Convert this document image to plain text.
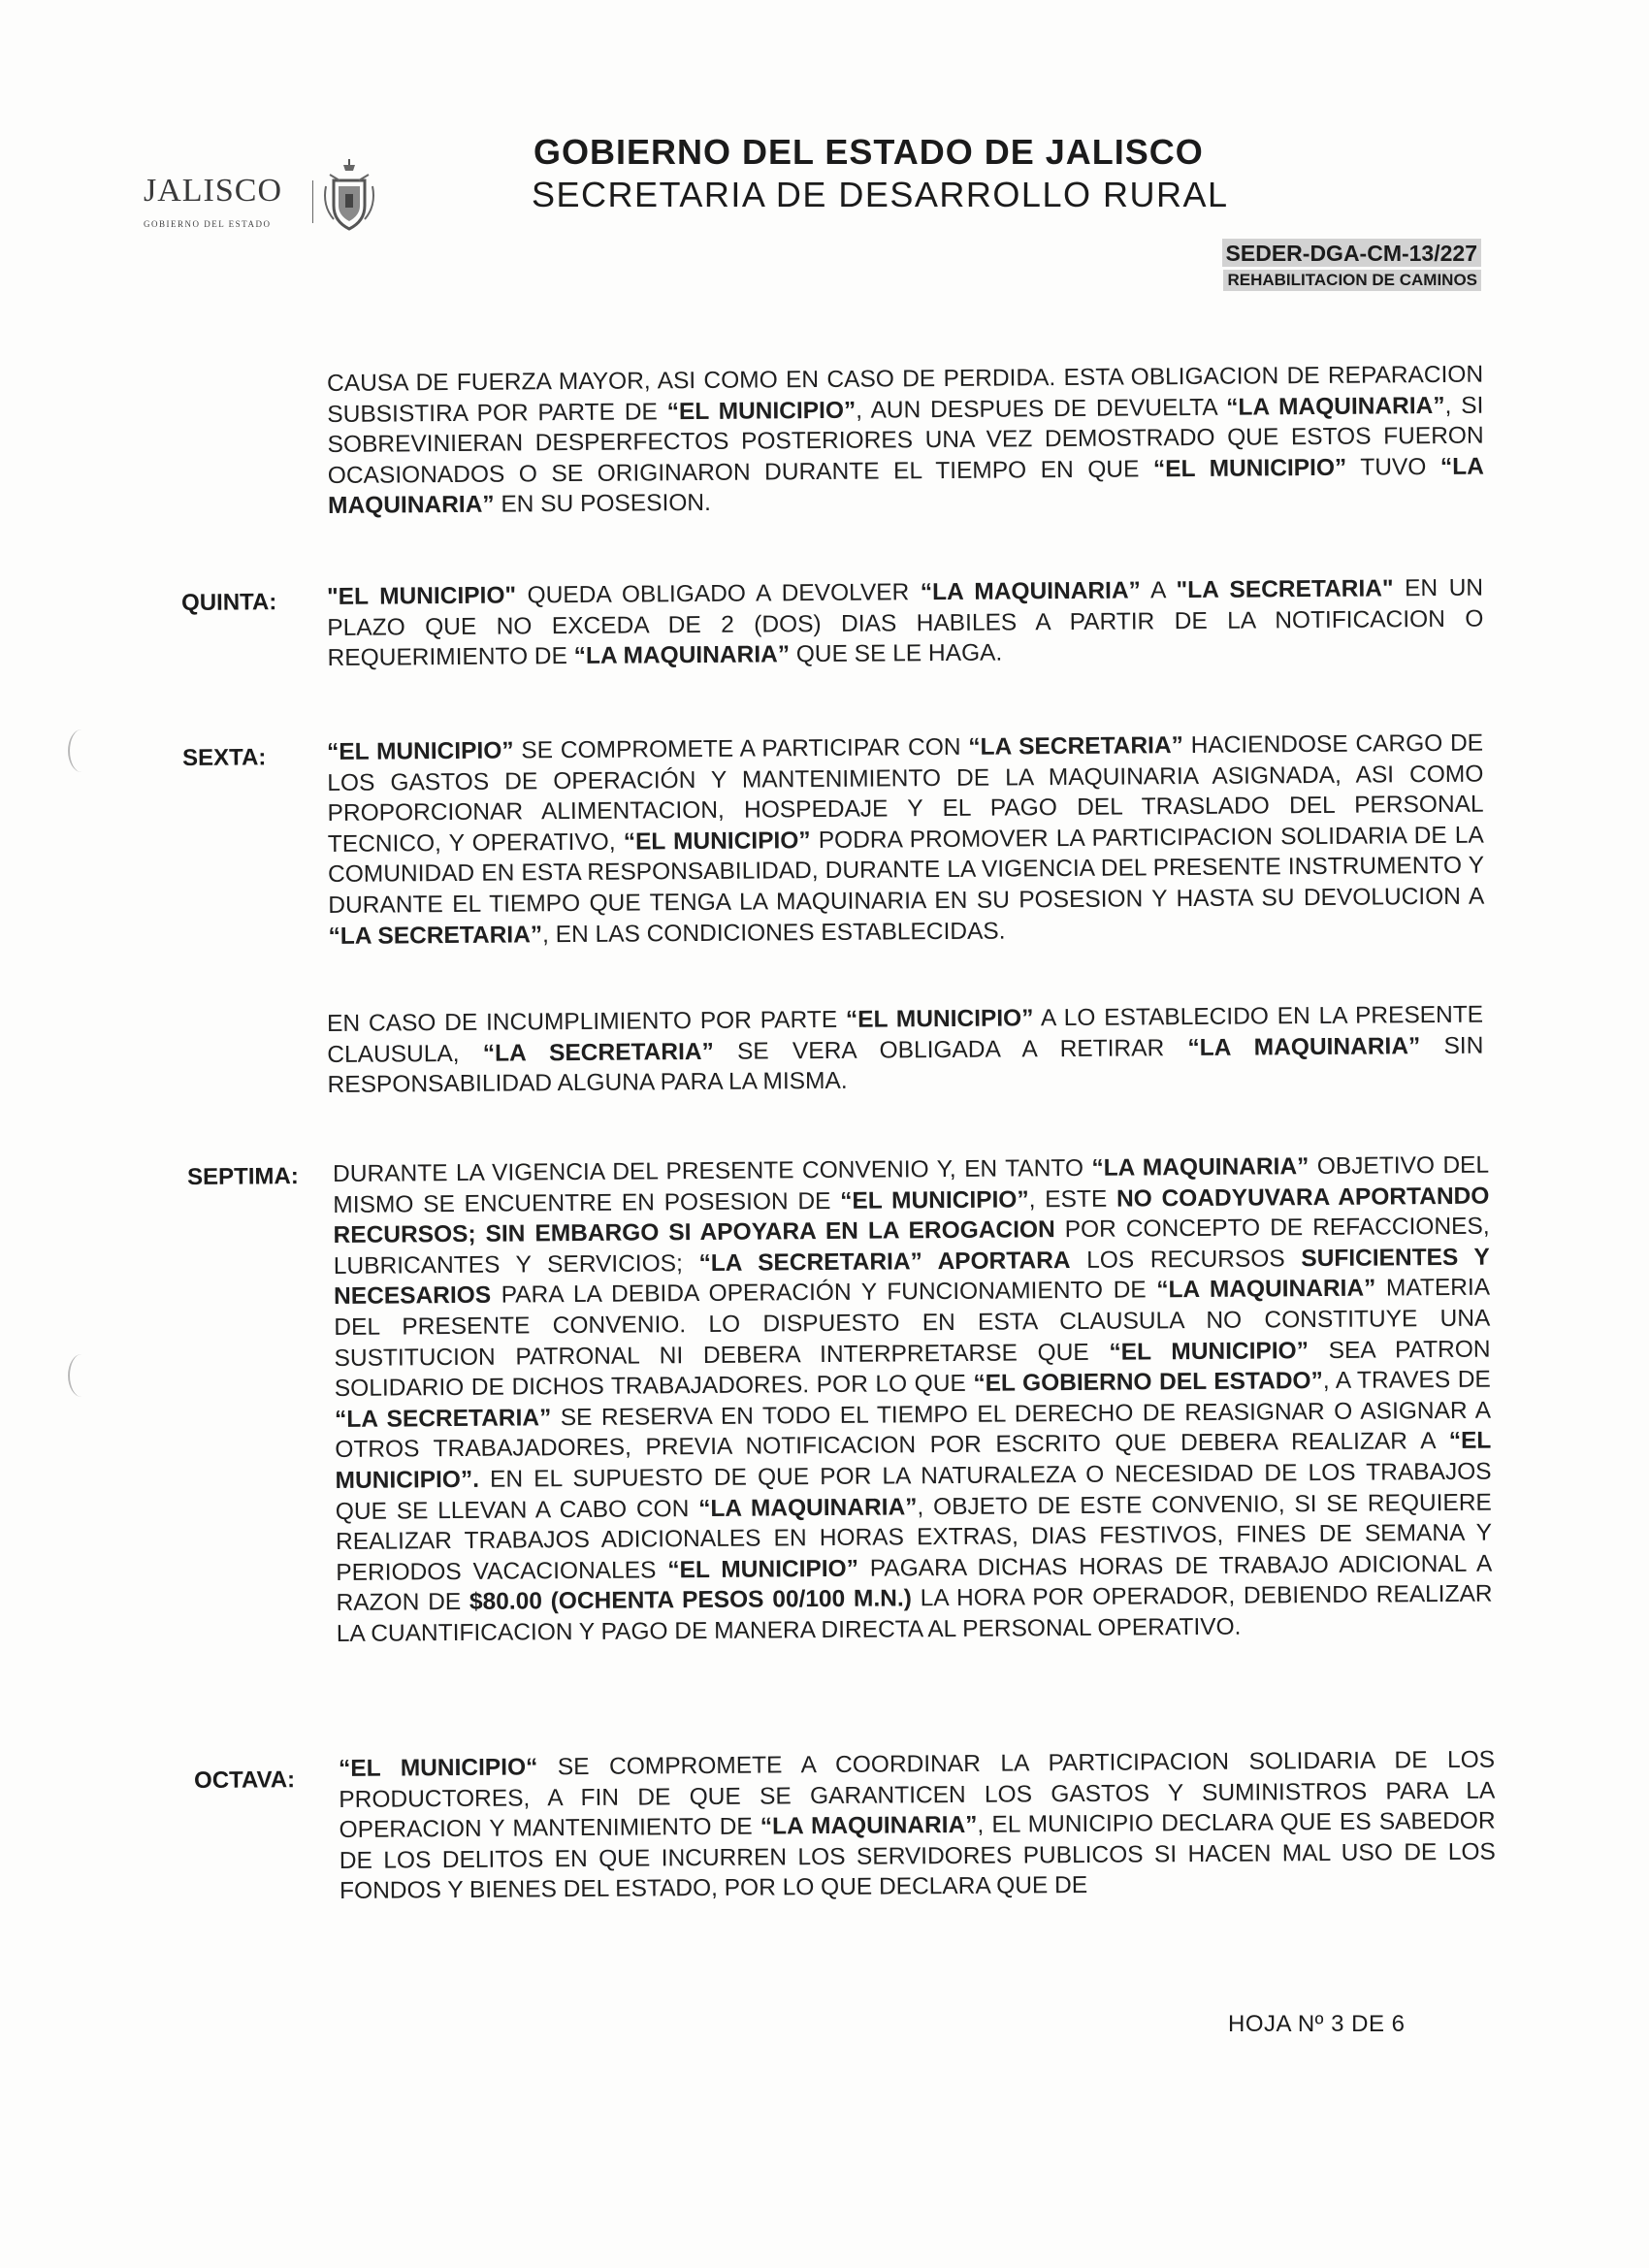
JALISCO
GOBIERNO DEL ESTADO
GOBIERNO DEL ESTADO DE JALISCO
SECRETARIA DE DESARROLLO RURAL
SEDER-DGA-CM-13/227
REHABILITACION DE CAMINOS
CAUSA DE FUERZA MAYOR, ASI COMO EN CASO DE PERDIDA. ESTA OBLIGACION DE REPARACION SUBSISTIRA POR PARTE DE “EL MUNICIPIO”, AUN DESPUES DE DEVUELTA “LA MAQUINARIA”, SI SOBREVINIERAN DESPERFECTOS POSTERIORES UNA VEZ DEMOSTRADO QUE ESTOS FUERON OCASIONADOS O SE ORIGINARON DURANTE EL TIEMPO EN QUE “EL MUNICIPIO” TUVO “LA MAQUINARIA” EN SU POSESION.
QUINTA: "EL MUNICIPIO" QUEDA OBLIGADO A DEVOLVER “LA MAQUINARIA” A "LA SECRETARIA" EN UN PLAZO QUE NO EXCEDA DE 2 (DOS) DIAS HABILES A PARTIR DE LA NOTIFICACION O REQUERIMIENTO DE “LA MAQUINARIA” QUE SE LE HAGA.
SEXTA:	“EL MUNICIPIO” SE COMPROMETE A PARTICIPAR CON “LA SECRETARIA” HACIENDOSE CARGO DE LOS GASTOS DE OPERACIÓN Y MANTENIMIENTO DE LA MAQUINARIA ASIGNADA, ASI COMO PROPORCIONAR ALIMENTACION, HOSPEDAJE Y EL PAGO DEL TRASLADO DEL PERSONAL TECNICO, Y OPERATIVO, “EL MUNICIPIO” PODRA PROMOVER LA PARTICIPACION SOLIDARIA DE LA COMUNIDAD EN ESTA RESPONSABILIDAD, DURANTE LA VIGENCIA DEL PRESENTE INSTRUMENTO Y DURANTE EL TIEMPO QUE TENGA LA MAQUINARIA EN SU POSESION Y HASTA SU DEVOLUCION A “LA SECRETARIA”, EN LAS CONDICIONES ESTABLECIDAS.
EN CASO DE INCUMPLIMIENTO POR PARTE “EL MUNICIPIO” A LO ESTABLECIDO EN LA PRESENTE CLAUSULA, “LA SECRETARIA” SE VERA OBLIGADA A RETIRAR “LA MAQUINARIA” SIN RESPONSABILIDAD ALGUNA PARA LA MISMA.
SEPTIMA: DURANTE LA VIGENCIA DEL PRESENTE CONVENIO Y, EN TANTO “LA MAQUINARIA” OBJETIVO DEL MISMO SE ENCUENTRE EN POSESION DE “EL MUNICIPIO”, ESTE NO COADYUVARA APORTANDO RECURSOS; SIN EMBARGO SI APOYARA EN LA EROGACION POR CONCEPTO DE REFACCIONES, LUBRICANTES Y SERVICIOS; “LA SECRETARIA” APORTARA LOS RECURSOS SUFICIENTES Y NECESARIOS PARA LA DEBIDA OPERACIÓN Y FUNCIONAMIENTO DE “LA MAQUINARIA” MATERIA DEL PRESENTE CONVENIO. LO DISPUESTO EN ESTA CLAUSULA NO CONSTITUYE UNA SUSTITUCION PATRONAL NI DEBERA INTERPRETARSE QUE “EL MUNICIPIO” SEA PATRON SOLIDARIO DE DICHOS TRABAJADORES. POR LO QUE “EL GOBIERNO DEL ESTADO”, A TRAVES DE “LA SECRETARIA” SE RESERVA EN TODO EL TIEMPO EL DERECHO DE REASIGNAR O ASIGNAR A OTROS TRABAJADORES, PREVIA NOTIFICACION POR ESCRITO QUE DEBERA REALIZAR A “EL MUNICIPIO”. EN EL SUPUESTO DE QUE POR LA NATURALEZA O NECESIDAD DE LOS TRABAJOS QUE SE LLEVAN A CABO CON “LA MAQUINARIA”, OBJETO DE ESTE CONVENIO, SI SE REQUIERE REALIZAR TRABAJOS ADICIONALES EN HORAS EXTRAS, DIAS FESTIVOS, FINES DE SEMANA Y PERIODOS VACACIONALES “EL MUNICIPIO” PAGARA DICHAS HORAS DE TRABAJO ADICIONAL A RAZON DE $80.00 (OCHENTA PESOS 00/100 M.N.) LA HORA POR OPERADOR, DEBIENDO REALIZAR LA CUANTIFICACION Y PAGO DE MANERA DIRECTA AL PERSONAL OPERATIVO.
OCTAVA: “EL MUNICIPIO“ SE COMPROMETE A COORDINAR LA PARTICIPACION SOLIDARIA DE LOS PRODUCTORES, A FIN DE QUE SE GARANTICEN LOS GASTOS Y SUMINISTROS PARA LA OPERACION Y MANTENIMIENTO DE “LA MAQUINARIA”, EL MUNICIPIO DECLARA QUE ES SABEDOR DE LOS DELITOS EN QUE INCURREN LOS SERVIDORES PUBLICOS SI HACEN MAL USO DE LOS FONDOS Y BIENES DEL ESTADO, POR LO QUE DECLARA QUE DE
HOJA Nº 3 DE 6
